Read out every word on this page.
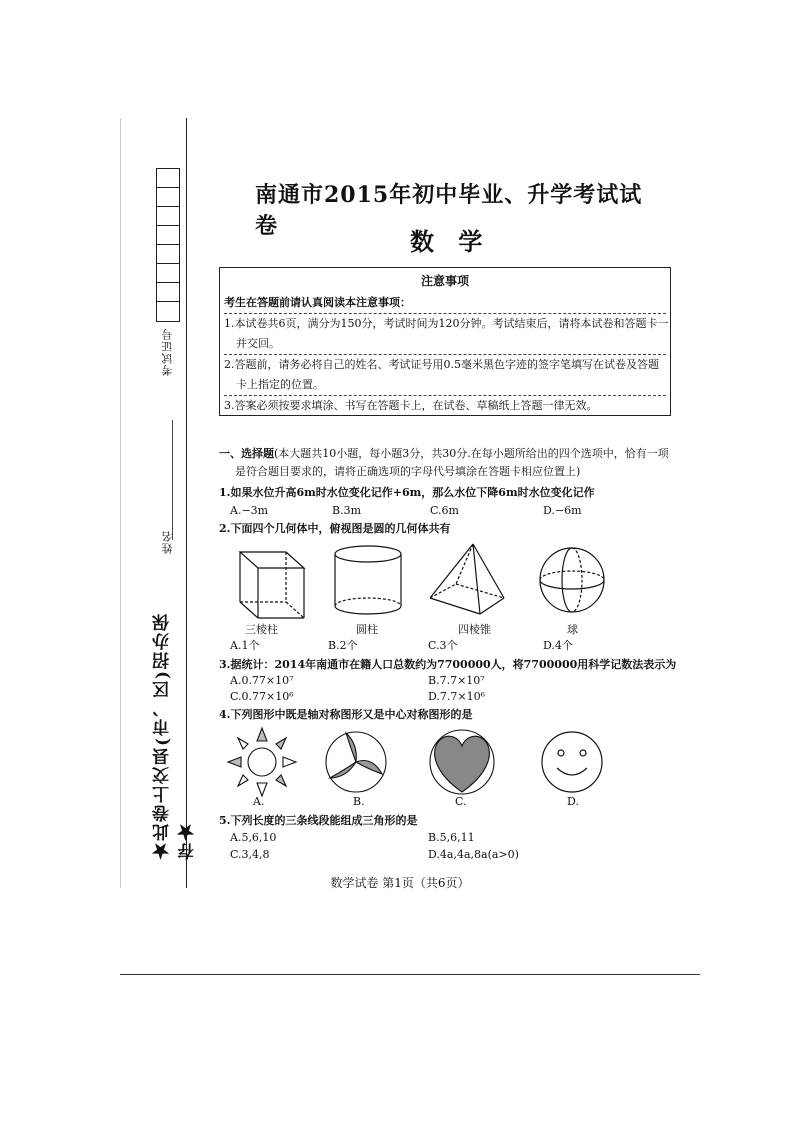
考试证号
姓名
★此卷上交县(市、区)招办保存★
南通市2015年初中毕业、升学考试试卷
数 学
注意事项

考生在答题前请认真阅读本注意事项：

1.本试卷共6页，满分为150分，考试时间为120分钟。考试结束后，请将本试卷和答题卡一

并交回。

2.答题前，请务必将自己的姓名、考试证号用0.5毫米黑色字迹的签字笔填写在试卷及答题

卡上指定的位置。

3.答案必须按要求填涂、书写在答题卡上，在试卷、草稿纸上答题一律无效。

一、选择题(本大题共10小题，每小题3分，共30分.在每小题所给出的四个选项中，恰有一项
是符合题目要求的，请将正确选项的字母代号填涂在答题卡相应位置上)
1.如果水位升高6m时水位变化记作+6m，那么水位下降6m时水位变化记作
A.−3m	B.3m	C.6m	D.−6m
2.下面四个几何体中，俯视图是圆的几何体共有
三棱柱	圆柱	四棱锥	球
A.1个	B.2个	C.3个	D.4个
3.据统计：2014年南通市在籍人口总数约为7700000人，将7700000用科学记数法表示为
A.0.77×10⁷	B.7.7×10⁷
C.0.77×10⁶	D.7.7×10⁶
4.下列图形中既是轴对称图形又是中心对称图形的是
A.	B.	C.	D.
5.下列长度的三条线段能组成三角形的是
A.5,6,10	B.5,6,11
C.3,4,8	D.4a,4a,8a(a>0)
数学试卷 第1页（共6页）
